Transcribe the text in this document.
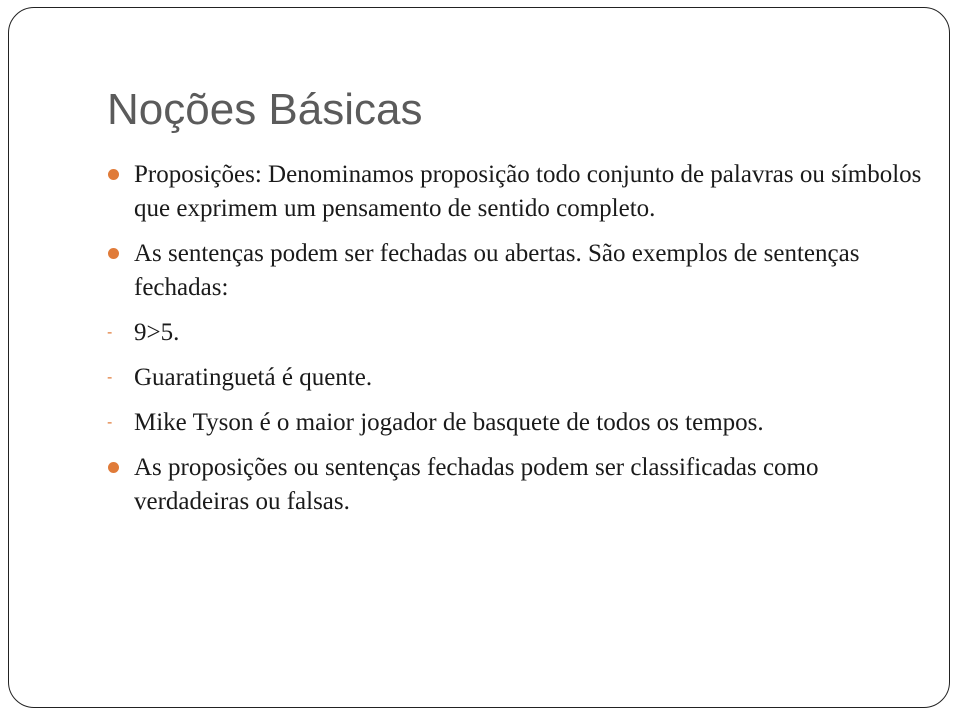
Noções Básicas
Proposições: Denominamos proposição todo conjunto de palavras ou símbolos que exprimem um pensamento de sentido completo.
As sentenças podem ser fechadas ou abertas. São exemplos de sentenças fechadas:
- 9>5.
- Guaratinguetá é quente.
- Mike Tyson é o maior jogador de basquete de todos os tempos.
As proposições ou sentenças fechadas podem ser classificadas como verdadeiras ou falsas.
